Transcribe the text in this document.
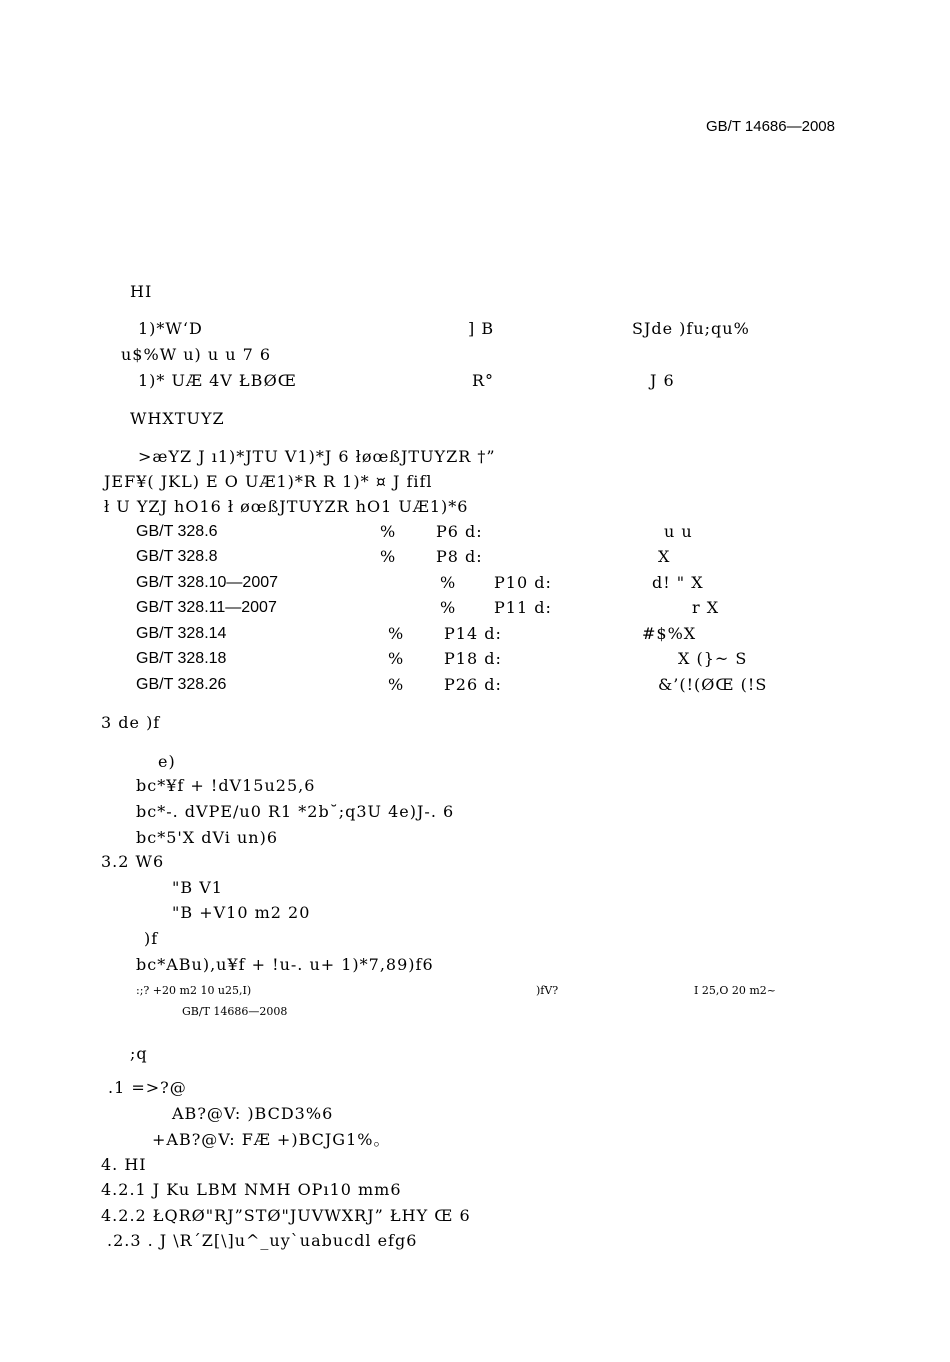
GB/T 14686—2008
HI
1)*W‘D	] B	SJde )fu;qu%
u$%W u) u u 7 6
1)* UÆ 4V ŁBØŒ	R°	J 6
WHXTUYZ
>æYZ J ı1)*JTU V1)*J 6 łøœßJTUYZR †”
JEF¥( JKL) E O UÆ1)*R R 1)* ¤ J fifl
ł U YZJ hO16 ł øœßJTUYZR hO1 UÆ1)*6
GB/T 328.6	% P6 d:	u u
GB/T 328.8	% P8 d:	X
GB/T 328.10—2007	% P10 d:	d! " X
GB/T 328.11—2007	% P11 d:	r X
GB/T 328.14	% P14 d:	#$%X
GB/T 328.18	% P18 d:	X (}~ S
GB/T 328.26	% P26 d:	&’(!(ØŒ (!S
3 de )f
e)
bc*¥f + !dV15u25,6
bc*-. dVPE/u0 R1 *2b˘;q3U 4e)J-. 6
bc*5'X dVi un)6
3.2 W6
"B V1
"B +V10 m2 20
)f
bc*ABu),u¥f + !u-. u+ 1)*7,89)f6
:;? +20 m2 10 u25,I)	)fV?	I 25,O 20 m2~
GB/T 14686—2008
;q
.1 =>?@
AB?@V: )BCD3%6
+AB?@V: FÆ +)BCJG1%。
4. HI
4.2.1 J Ku LBM NMH OPı10 mm6
4.2.2 ŁQRØ"RJ”STØ"JUVWXRJ” ŁHY Œ 6
.2.3 . J \R´Z[\]u^_uy`uabucdl efg6
